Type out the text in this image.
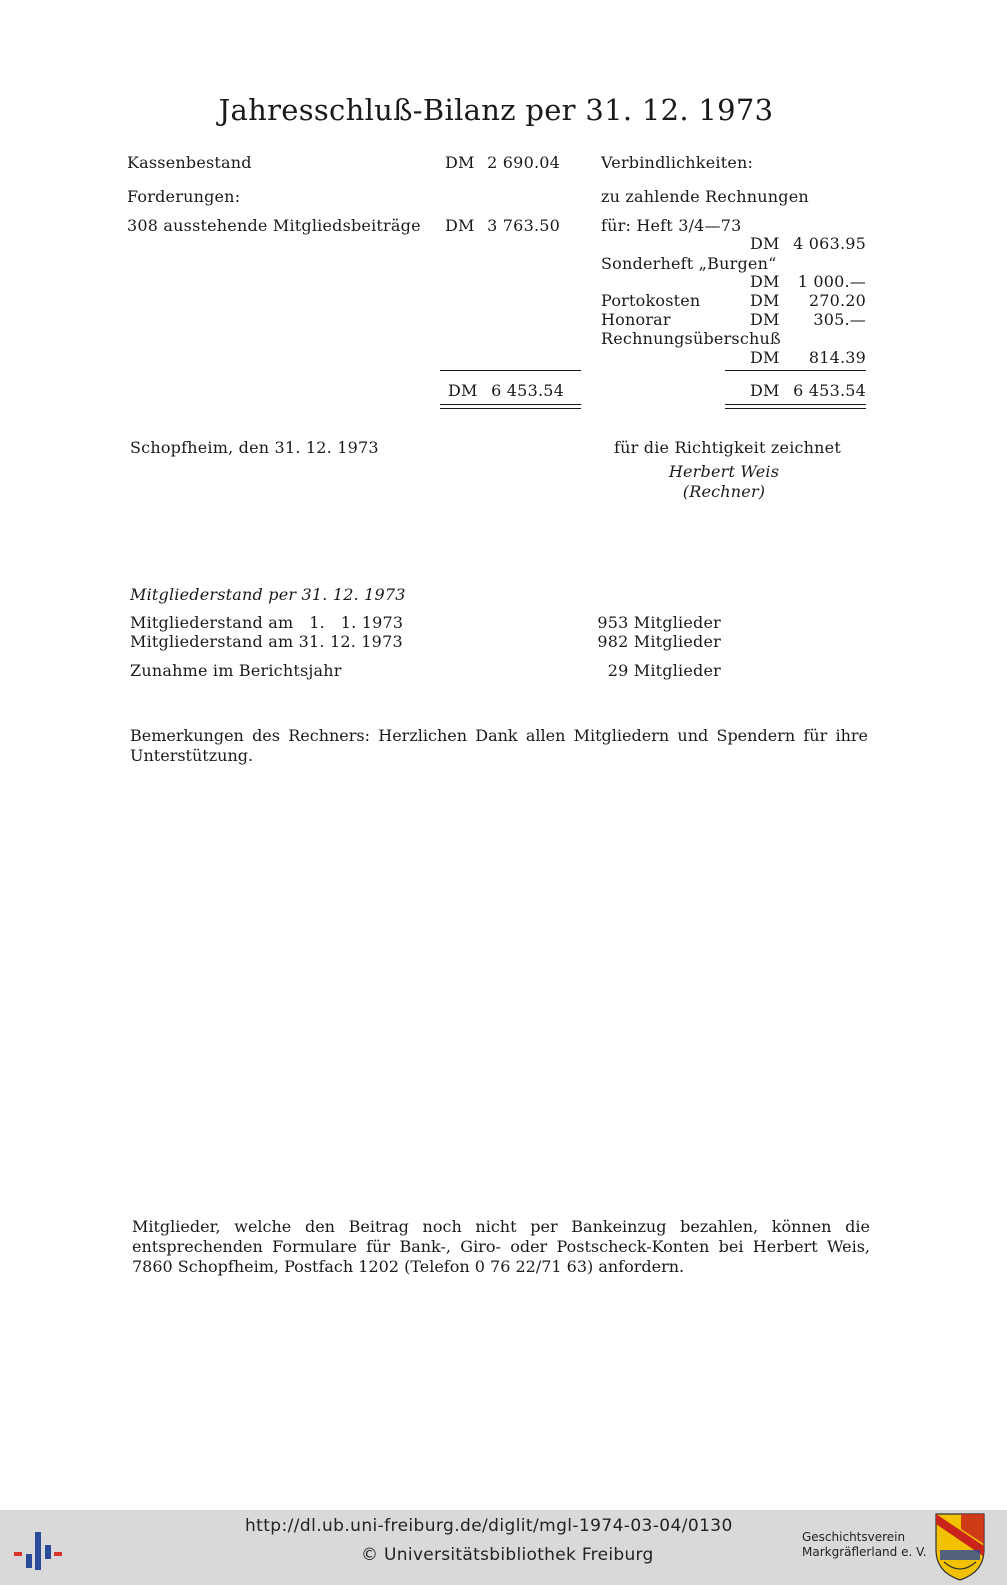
Jahresschluß-Bilanz per 31. 12. 1973
Kassenbestand	DM 2 690.04
Forderungen:
308 ausstehende Mitgliedsbeiträge DM 3 763.50
DM 6 453.54
Verbindlichkeiten:
zu zahlende Rechnungen
für: Heft 3/4—73
DM 4 063.95
Sonderheft „Burgen“
DM	1 000.—
Portokosten	DM	270.20
Honorar	DM	305.—
Rechnungsüberschuß
DM	814.39
DM 6 453.54
Schopfheim, den 31. 12. 1973	für die Richtigkeit zeichnet
Herbert Weis
(Rechner)
Mitgliederstand per 31. 12. 1973
Mitgliederstand am   1.   1. 1973	953 Mitglieder
Mitgliederstand am 31. 12. 1973	982 Mitglieder
Zunahme im Berichtsjahr	29 Mitglieder
Bemerkungen des Rechners: Herzlichen Dank allen Mitgliedern und Spendern für ihre Unterstützung.
Mitglieder, welche den Beitrag noch nicht per Bankeinzug bezahlen, können die entsprechenden Formulare für Bank-, Giro- oder Postscheck-Konten bei Herbert Weis, 7860 Schopfheim, Postfach 1202 (Telefon 0 76 22/71 63) anfordern.
http://dl.ub.uni-freiburg.de/diglit/mgl-1974-03-04/0130
© Universitätsbibliothek Freiburg
Geschichtsverein
Markgräflerland e. V.
